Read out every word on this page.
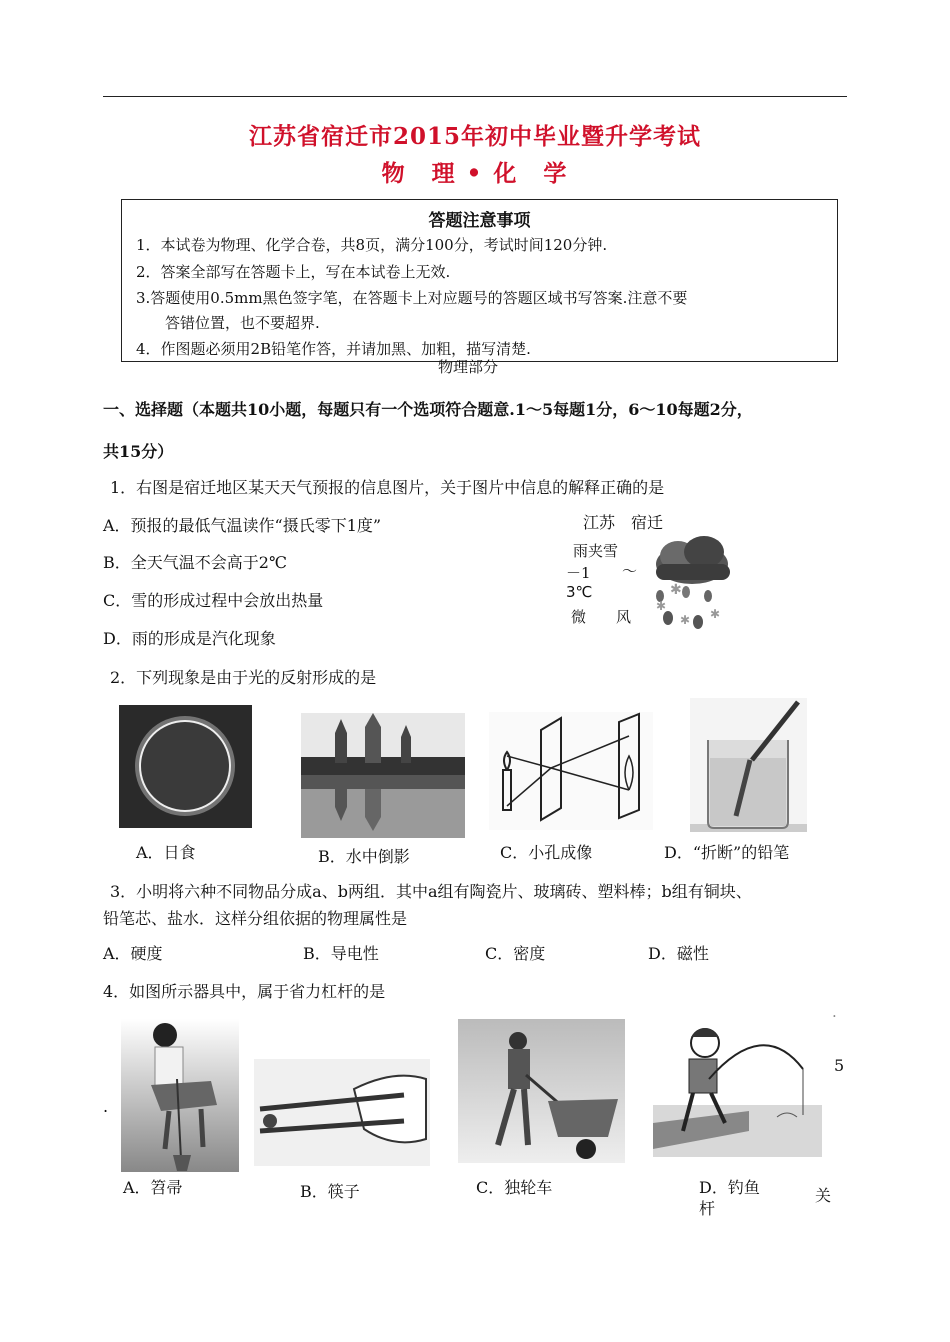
江苏省宿迁市2015年初中毕业暨升学考试
物　理 • 化　学
答题注意事项
1．本试卷为物理、化学合卷，共8页，满分100分，考试时间120分钟.
2．答案全部写在答题卡上，写在本试卷上无效.
3.答题使用0.5mm黑色签字笔，在答题卡上对应题号的答题区域书写答案.注意不要
答错位置，也不要超界.
4．作图题必须用2B铅笔作答，并请加黑、加粗，描写清楚.
物理部分
一、选择题（本题共10小题，每题只有一个选项符合题意.1～5每题1分，6～10每题2分，
共15分）
1．右图是宿迁地区某天天气预报的信息图片，关于图片中信息的解释正确的是
A．预报的最低气温读作“摄氏零下1度”
B．全天气温不会高于2℃
C．雪的形成过程中会放出热量
D．雨的形成是汽化现象
江苏　宿迁
雨夹雪
－1 ～
3℃
微　　风
✱
✱
✱ ✱
2．下列现象是由于光的反射形成的是
A．日食	B．水中倒影	C．小孔成像	D．“折断”的铅笔
3．小明将六种不同物品分成a、b两组．其中a组有陶瓷片、玻璃砖、塑料棒；b组有铜块、
铅笔芯、盐水．这样分组依据的物理属性是
A．硬度	B．导电性	C．密度	D．磁性
4．如图所示器具中，属于省力杠杆的是
A．笤帚	B．筷子	C．独轮车	D．钓鱼
杆
5
.
关
.
